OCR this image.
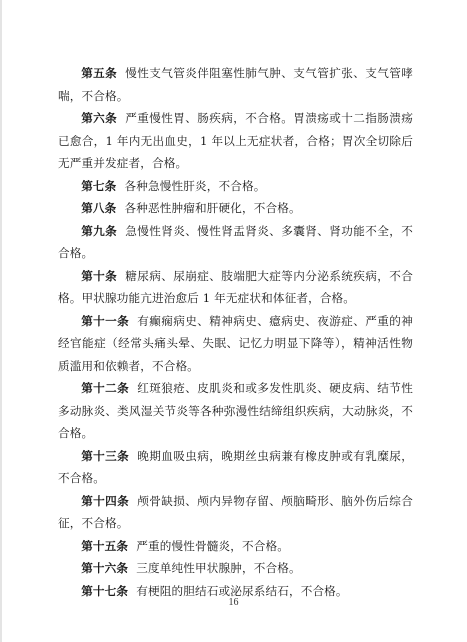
第五条 慢性支气管炎伴阻塞性肺气肿、支气管扩张、支气管哮喘，不合格。

第六条 严重慢性胃、肠疾病，不合格。胃溃疡或十二指肠溃疡已愈合，1 年内无出血史，1 年以上无症状者，合格；胃次全切除后无严重并发症者，合格。

第七条 各种急慢性肝炎，不合格。

第八条 各种恶性肿瘤和肝硬化，不合格。

第九条 急慢性肾炎、慢性肾盂肾炎、多囊肾、肾功能不全，不合格。

第十条 糖尿病、尿崩症、肢端肥大症等内分泌系统疾病，不合格。甲状腺功能亢进治愈后 1 年无症状和体征者，合格。

第十一条 有癫痫病史、精神病史、癔病史、夜游症、严重的神经官能症（经常头痛头晕、失眠、记忆力明显下降等），精神活性物质滥用和依赖者，不合格。

第十二条 红斑狼疮、皮肌炎和或多发性肌炎、硬皮病、结节性多动脉炎、类风湿关节炎等各种弥漫性结缔组织疾病，大动脉炎，不合格。

第十三条 晚期血吸虫病，晚期丝虫病兼有橡皮肿或有乳糜尿，不合格。

第十四条 颅骨缺损、颅内异物存留、颅脑畸形、脑外伤后综合征，不合格。

第十五条 严重的慢性骨髓炎，不合格。

第十六条 三度单纯性甲状腺肿，不合格。

第十七条 有梗阻的胆结石或泌尿系结石，不合格。

16
